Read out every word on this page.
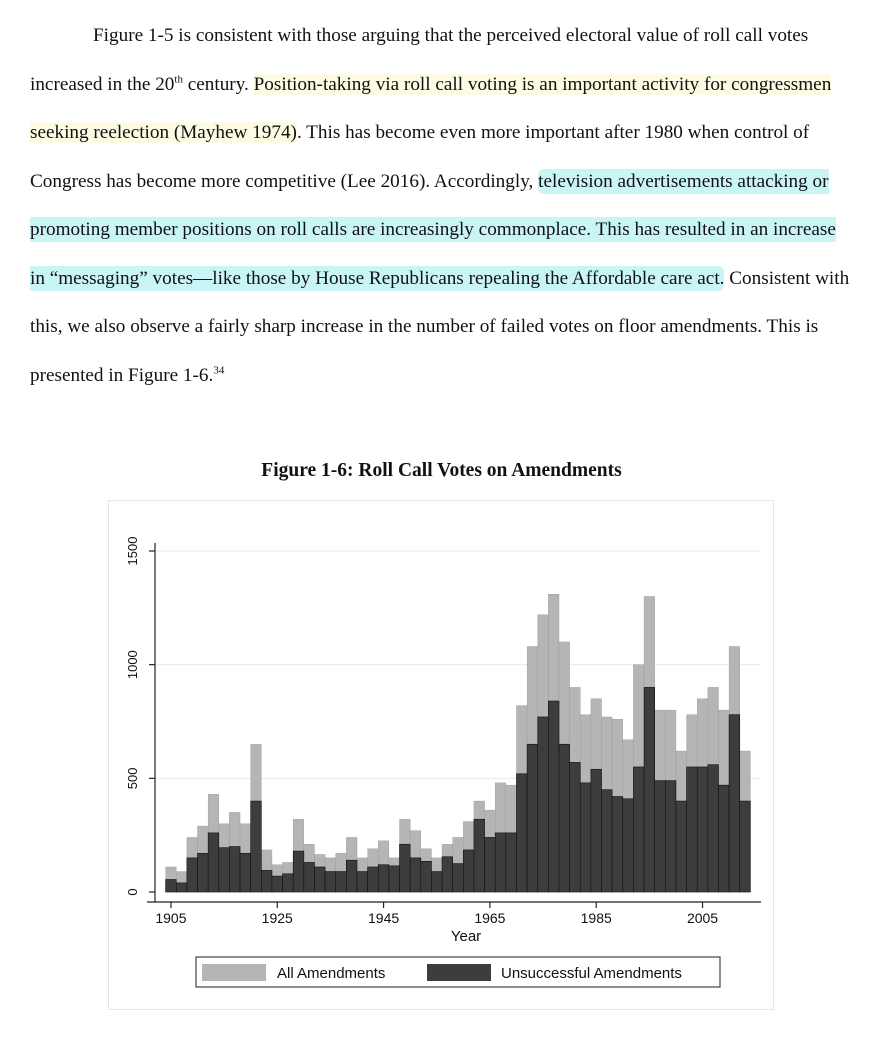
Figure 1-5 is consistent with those arguing that the perceived electoral value of roll call votes increased in the 20th century. Position-taking via roll call voting is an important activity for congressmen seeking reelection (Mayhew 1974). This has become even more important after 1980 when control of Congress has become more competitive (Lee 2016). Accordingly, television advertisements attacking or promoting member positions on roll calls are increasingly commonplace. This has resulted in an increase in “messaging” votes—like those by House Republicans repealing the Affordable care act. Consistent with this, we also observe a fairly sharp increase in the number of failed votes on floor amendments. This is presented in Figure 1-6.34
Figure 1-6: Roll Call Votes on Amendments
0
500
1000
1500
1905	1925	1945	1965	1985	2005
Year
All Amendments	Unsuccessful Amendments
